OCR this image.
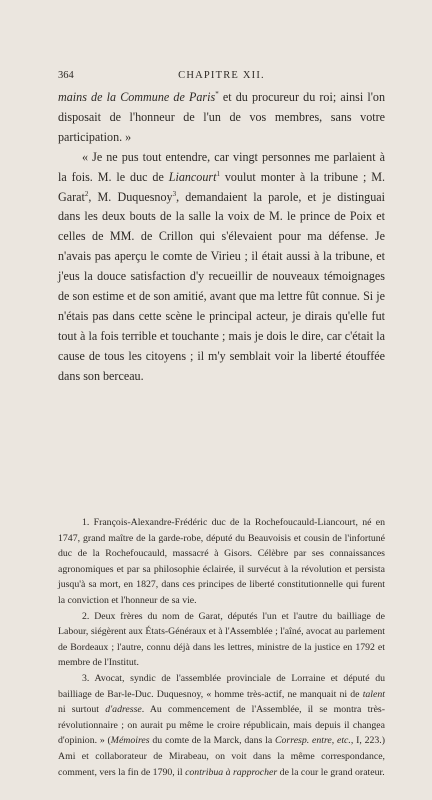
364	CHAPITRE XII.

mains de la Commune de Paris* et du procureur du roi; ainsi l'on disposait de l'honneur de l'un de vos membres, sans votre participation. »

« Je ne pus tout entendre, car vingt personnes me parlaient à la fois. M. le duc de Liancourt$^1$ voulut monter à la tribune ; M. Garat$^2$, M. Duquesnoy$^3$, demandaient la parole, et je distinguai dans les deux bouts de la salle la voix de M. le prince de Poix et celles de MM. de Crillon qui s'élevaient pour ma défense. Je n'avais pas aperçu le comte de Virieu ; il était aussi à la tribune, et j'eus la douce satisfaction d'y recueillir de nouveaux témoignages de son estime et de son amitié, avant que ma lettre fût connue. Si je n'étais pas dans cette scène le principal acteur, je dirais qu'elle fut tout à la fois terrible et touchante ; mais je dois le dire, car c'était la cause de tous les citoyens ; il m'y semblait voir la liberté étouffée dans son berceau.

1. François-Alexandre-Frédéric duc de la Rochefoucauld-Liancourt, né en 1747, grand maître de la garde-robe, député du Beauvoisis et cousin de l'infortuné duc de la Rochefoucauld, massacré à Gisors. Célèbre par ses connaissances agronomiques et par sa philosophie éclairée, il survécut à la révolution et persista jusqu'à sa mort, en 1827, dans ces principes de liberté constitutionnelle qui furent la conviction et l'honneur de sa vie.

2. Deux frères du nom de Garat, députés l'un et l'autre du bailliage de Labour, siégèrent aux États-Généraux et à l'Assemblée ; l'aîné, avocat au parlement de Bordeaux ; l'autre, connu déjà dans les lettres, ministre de la justice en 1792 et membre de l'Institut.

3. Avocat, syndic de l'assemblée provinciale de Lorraine et député du bailliage de Bar-le-Duc. Duquesnoy, « homme très-actif, ne manquait ni de talent ni surtout d'adresse. Au commencement de l'Assemblée, il se montra très-révolutionnaire ; on aurait pu même le croire républicain, mais depuis il changea d'opinion. » (Mémoires du comte de la Marck, dans la Corresp. entre, etc., I, 223.) Ami et collaborateur de Mirabeau, on voit dans la même correspondance, comment, vers la fin de 1790, il contribua à rapprocher de la cour le grand orateur.
